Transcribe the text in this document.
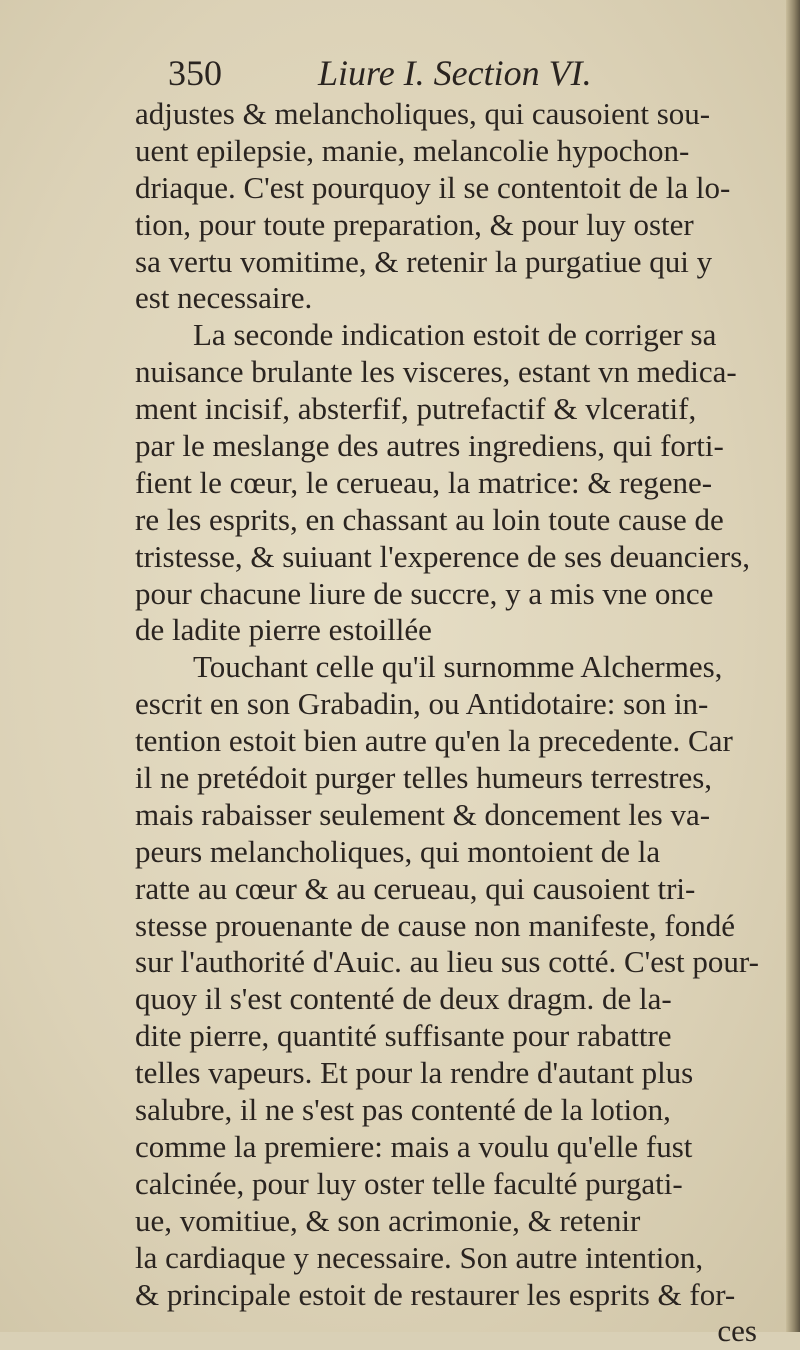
350	Liure I. Section VI.
adjustes & melancholiques, qui causoient sou-
uent epilepsie, manie, melancolie hypochon-
driaque. C'est pourquoy il se contentoit de la lo-
tion, pour toute preparation, & pour luy oster
sa vertu vomitime, & retenir la purgatiue qui y
est necessaire.
La seconde indication estoit de corriger sa
nuisance brulante les visceres, estant vn medica-
ment incisif, absterfif, putrefactif & vlceratif,
par le meslange des autres ingrediens, qui forti-
fient le cœur, le cerueau, la matrice: & regene-
re les esprits, en chassant au loin toute cause de
tristesse, & suiuant l'experence de ses deuanciers,
pour chacune liure de succre, y a mis vne once
de ladite pierre estoillée
Touchant celle qu'il surnomme Alchermes,
escrit en son Grabadin, ou Antidotaire: son in-
tention estoit bien autre qu'en la precedente. Car
il ne pretédoit purger telles humeurs terrestres,
mais rabaisser seulement & doncement les va-
peurs melancholiques, qui montoient de la
ratte au cœur & au cerueau, qui causoient tri-
stesse prouenante de cause non manifeste, fondé
sur l'authorité d'Auic. au lieu sus cotté. C'est pour-
quoy il s'est contenté de deux dragm. de la-
dite pierre, quantité suffisante pour rabattre
telles vapeurs. Et pour la rendre d'autant plus
salubre, il ne s'est pas contenté de la lotion,
comme la premiere: mais a voulu qu'elle fust
calcinée, pour luy oster telle faculté purgati-
ue, vomitiue, & son acrimonie, & retenir
la cardiaque y necessaire. Son autre intention,
& principale estoit de restaurer les esprits & for-
ces
